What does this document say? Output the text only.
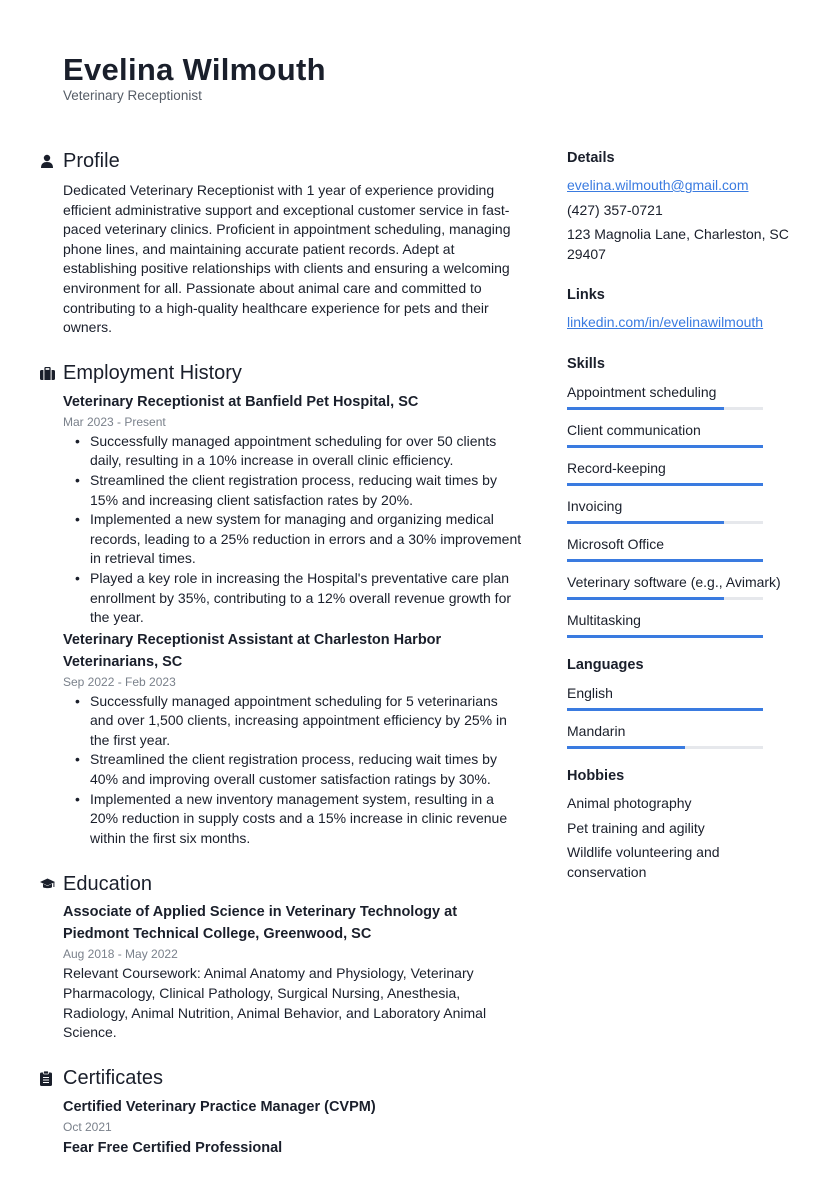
Evelina Wilmouth
Veterinary Receptionist
Profile

Dedicated Veterinary Receptionist with 1 year of experience providing efficient administrative support and exceptional customer service in fast-paced veterinary clinics. Proficient in appointment scheduling, managing phone lines, and maintaining accurate patient records. Adept at establishing positive relationships with clients and ensuring a welcoming environment for all. Passionate about animal care and committed to contributing to a high-quality healthcare experience for pets and their owners.

Employment History
Veterinary Receptionist at Banfield Pet Hospital, SC
Mar 2023 - Present
• Successfully managed appointment scheduling for over 50 clients daily, resulting in a 10% increase in overall clinic efficiency.
• Streamlined the client registration process, reducing wait times by 15% and increasing client satisfaction rates by 20%.
• Implemented a new system for managing and organizing medical records, leading to a 25% reduction in errors and a 30% improvement in retrieval times.
• Played a key role in increasing the Hospital's preventative care plan enrollment by 35%, contributing to a 12% overall revenue growth for the year.
Veterinary Receptionist Assistant at Charleston Harbor Veterinarians, SC
Sep 2022 - Feb 2023
• Successfully managed appointment scheduling for 5 veterinarians and over 1,500 clients, increasing appointment efficiency by 25% in the first year.
• Streamlined the client registration process, reducing wait times by 40% and improving overall customer satisfaction ratings by 30%.
• Implemented a new inventory management system, resulting in a 20% reduction in supply costs and a 15% increase in clinic revenue within the first six months.
Education
Associate of Applied Science in Veterinary Technology at Piedmont Technical College, Greenwood, SC
Aug 2018 - May 2022

Relevant Coursework: Animal Anatomy and Physiology, Veterinary Pharmacology, Clinical Pathology, Surgical Nursing, Anesthesia, Radiology, Animal Nutrition, Animal Behavior, and Laboratory Animal Science.

Certificates
Certified Veterinary Practice Manager (CVPM)
Oct 2021
Fear Free Certified Professional
Details
evelina.wilmouth@gmail.com
(427) 357-0721
123 Magnolia Lane, Charleston, SC 29407
Links
linkedin.com/in/evelinawilmouth
Skills
Appointment scheduling
Client communication
Record-keeping
Invoicing
Microsoft Office
Veterinary software (e.g., Avimark)
Multitasking
Languages
English
Mandarin
Hobbies
Animal photography
Pet training and agility
Wildlife volunteering and conservation
